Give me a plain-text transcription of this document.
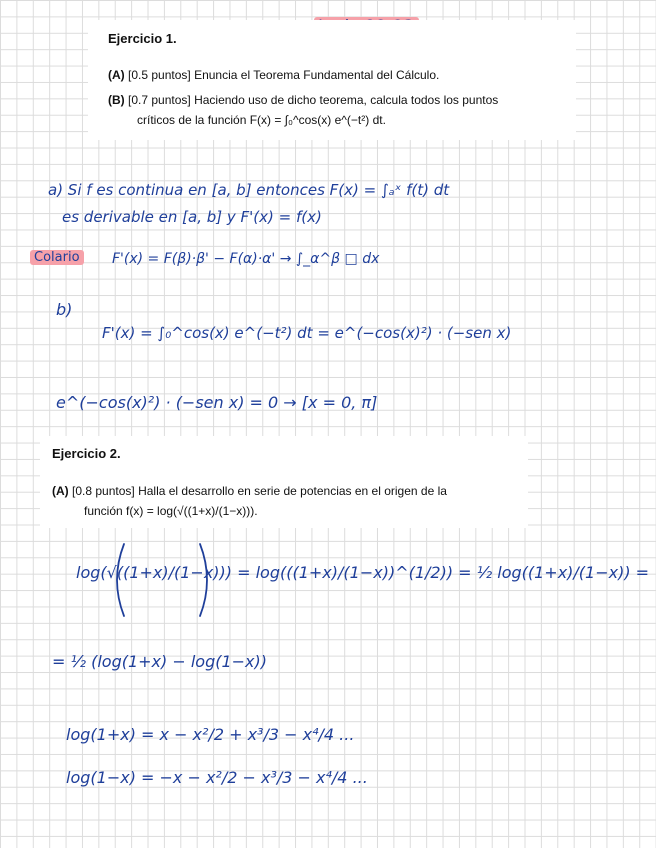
Ejercicio 1.
(A) [0.5 puntos] Enuncia el Teorema Fundamental del Cálculo.
(B) [0.7 puntos] Haciendo uso de dicho teorema, calcula todos los puntos
críticos de la función F(x) = ∫₀^cos(x) e^(−t²) dt.
a) Si f es continua en [a, b] entonces F(x) = ∫ₐˣ f(t) dt
es derivable en [a, b] y F'(x) = f(x)
Colario F'(x) = F(β)·β' − F(α)·α' → ∫_α^β □ dx
b)
F'(x) = ∫₀^cos(x) e^(−t²) dt = e^(−cos(x)²) · (−sen x)
e^(−cos(x)²) · (−sen x) = 0 → [x = 0, π]
Ejercicio 2.
(A) [0.8 puntos] Halla el desarrollo en serie de potencias en el origen de la
función f(x) = log(√((1+x)/(1−x))).
log(√((1+x)/(1−x))) = log(((1+x)/(1−x))^(1/2)) = ½ log((1+x)/(1−x)) =
= ½ (log(1+x) − log(1−x))
log(1+x) = x − x²/2 + x³/3 − x⁴/4 ...
log(1−x) = −x − x²/2 − x³/3 − x⁴/4 ...
